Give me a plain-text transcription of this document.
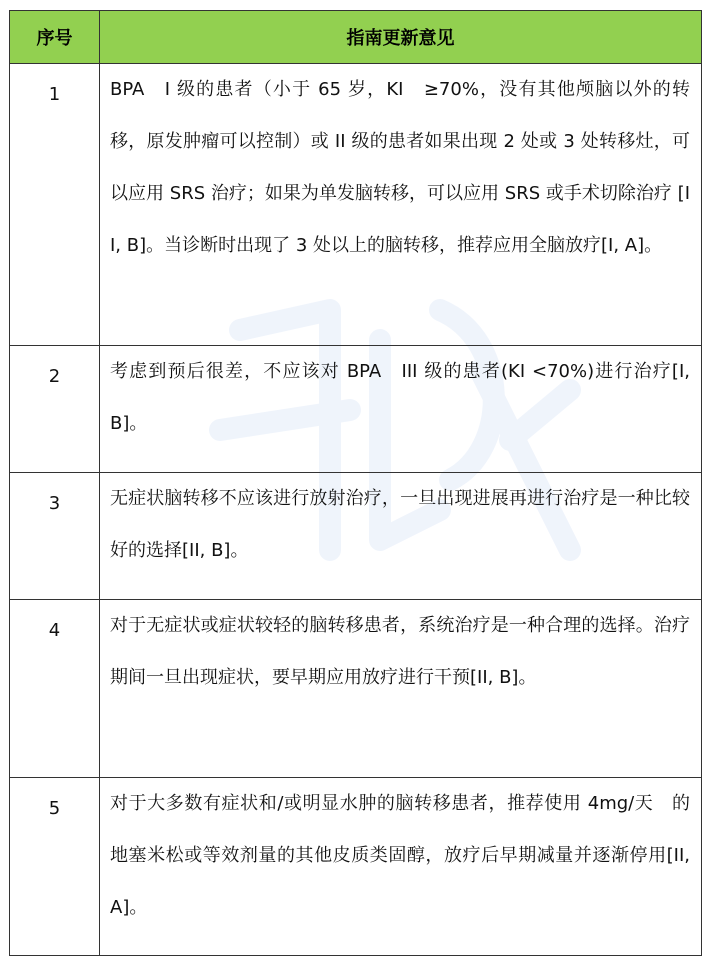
序号	指南更新意见
1	BPA　I 级的患者（小于 65 岁，KI　≥70%，没有其他颅脑以外的转移，原发肿瘤可以控制）或 II 级的患者如果出现 2 处或 3 处转移灶，可以应用 SRS 治疗；如果为单发脑转移，可以应用 SRS 或手术切除治疗 [II, B]。当诊断时出现了 3 处以上的脑转移，推荐应用全脑放疗[I, A]。
2	考虑到预后很差，不应该对 BPA　III 级的患者(KI <70%)进行治疗[I, B]。
3	无症状脑转移不应该进行放射治疗，一旦出现进展再进行治疗是一种比较好的选择[II, B]。
4	对于无症状或症状较轻的脑转移患者，系统治疗是一种合理的选择。治疗期间一旦出现症状，要早期应用放疗进行干预[II, B]。
5	对于大多数有症状和/或明显水肿的脑转移患者，推荐使用 4mg/天　的地塞米松或等效剂量的其他皮质类固醇，放疗后早期减量并逐渐停用[II, A]。
